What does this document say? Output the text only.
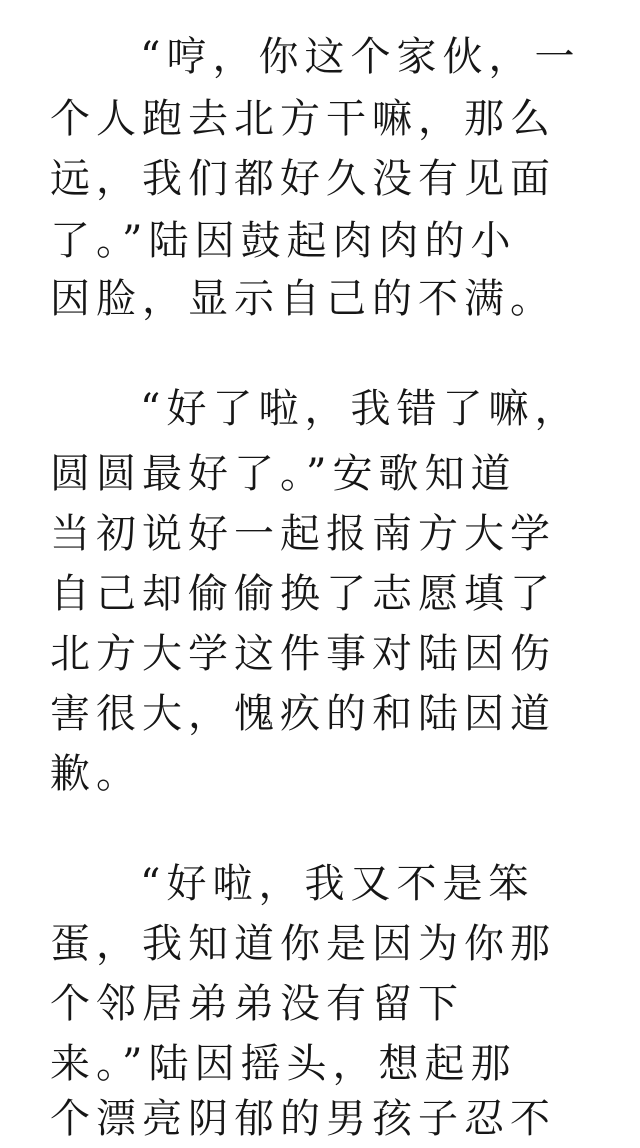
“哼，你这个家伙，一
个人跑去北方干嘛，那么
远，我们都好久没有见面
了。”陆因鼓起肉肉的小
因脸，显示自己的不满。
“好了啦，我错了嘛，
圆圆最好了。”安歌知道
当初说好一起报南方大学
自己却偷偷换了志愿填了
北方大学这件事对陆因伤
害很大，愧疚的和陆因道
歉。
“好啦，我又不是笨
蛋，我知道你是因为你那
个邻居弟弟没有留下
来。”陆因摇头，想起那
个漂亮阴郁的男孩子忍不
